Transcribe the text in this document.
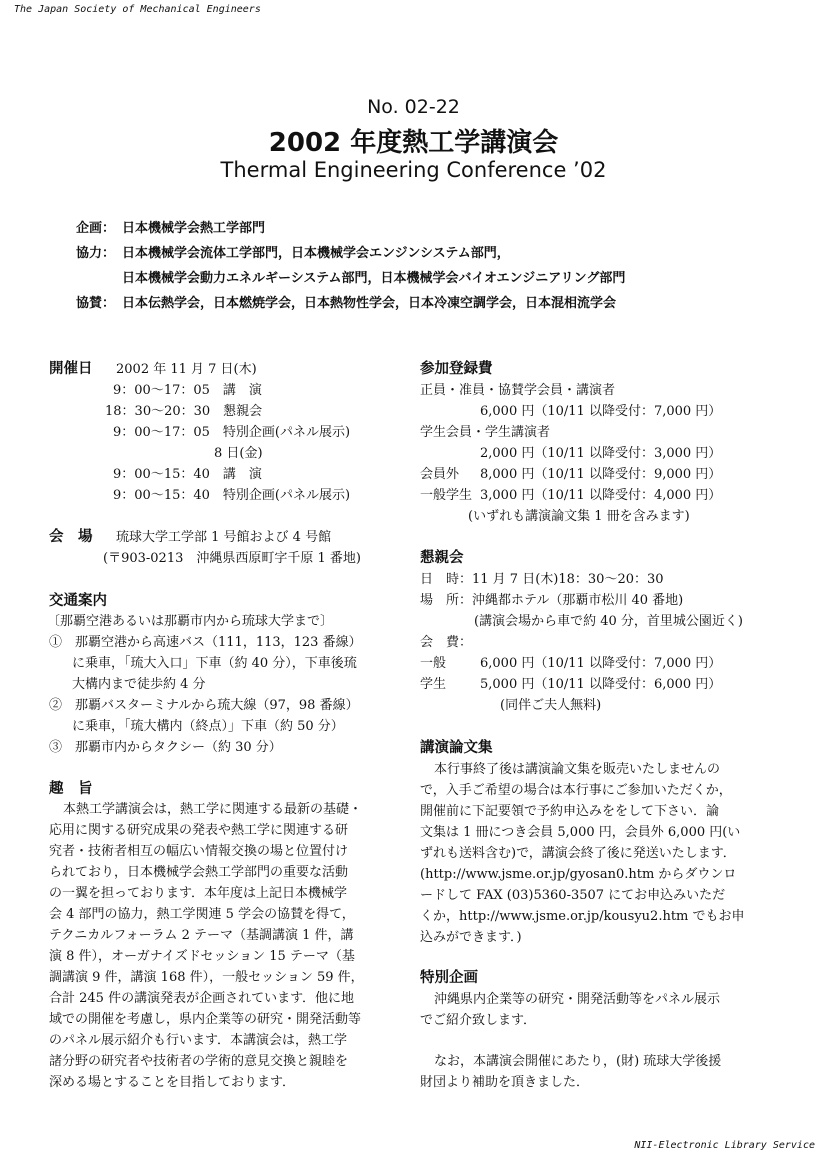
The Japan Society of Mechanical Engineers
NII-Electronic Library Service
No. 02-22
2002 年度熱工学講演会
Thermal Engineering Conference ’02
企画： 日本機械学会熱工学部門
協力： 日本機械学会流体工学部門，日本機械学会エンジンシステム部門，
日本機械学会動力エネルギーシステム部門，日本機械学会バイオエンジニアリング部門
協賛： 日本伝熱学会，日本燃焼学会，日本熱物性学会，日本冷凍空調学会，日本混相流学会
開催日 2002 年 11 月 7 日(木)
9：00～17：05　講　演
18：30～20：30　懇親会
9：00～17：05　特別企画(パネル展示)
8 日(金)
9：00～15：40　講　演
9：00～15：40　特別企画(パネル展示)
会　場 琉球大学工学部 1 号館および 4 号館
(〒903-0213　沖縄県西原町字千原 1 番地)
交通案内
〔那覇空港あるいは那覇市内から琉球大学まで〕
①　那覇空港から高速バス（111，113，123 番線）
に乗車，「琉大入口」下車（約 40 分），下車後琉
大構内まで徒歩約 4 分
②　那覇バスターミナルから琉大線（97，98 番線）
に乗車，「琉大構内（終点）」下車（約 50 分）
③　那覇市内からタクシー（約 30 分）
趣　旨
本熱工学講演会は，熱工学に関連する最新の基礎・
応用に関する研究成果の発表や熱工学に関連する研
究者・技術者相互の幅広い情報交換の場と位置付け
られており，日本機械学会熱工学部門の重要な活動
の一翼を担っております．本年度は上記日本機械学
会 4 部門の協力，熱工学関連 5 学会の協賛を得て，
テクニカルフォーラム 2 テーマ（基調講演 1 件，講
演 8 件），オーガナイズドセッション 15 テーマ（基
調講演 9 件，講演 168 件），一般セッション 59 件，
合計 245 件の講演発表が企画されています．他に地
域での開催を考慮し，県内企業等の研究・開発活動等
のパネル展示紹介も行います．本講演会は，熱工学
諸分野の研究者や技術者の学術的意見交換と親睦を
深める場とすることを目指しております．
参加登録費
正員・准員・協賛学会員・講演者
6,000 円（10/11 以降受付：7,000 円）
学生会員・学生講演者
2,000 円（10/11 以降受付：3,000 円）
会員外 8,000 円（10/11 以降受付：9,000 円）
一般学生 3,000 円（10/11 以降受付：4,000 円）
(いずれも講演論文集 1 冊を含みます)
懇親会
日　時：11 月 7 日(木)18：30～20：30
場　所：沖縄都ホテル（那覇市松川 40 番地)
(講演会場から車で約 40 分，首里城公園近く)
会　費：
一般	6,000 円（10/11 以降受付：7,000 円）
学生	5,000 円（10/11 以降受付：6,000 円）
(同伴ご夫人無料)
講演論文集
本行事終了後は講演論文集を販売いたしませんの
で，入手ご希望の場合は本行事にご参加いただくか，
開催前に下記要領で予約申込みををして下さい．論
文集は 1 冊につき会員 5,000 円，会員外 6,000 円(い
ずれも送料含む)で，講演会終了後に発送いたします．
(http://www.jsme.or.jp/gyosan0.htm からダウンロ
ードして FAX (03)5360-3507 にてお申込みいただ
くか，http://www.jsme.or.jp/kousyu2.htm でもお申
込みができます．)
特別企画
沖縄県内企業等の研究・開発活動等をパネル展示
でご紹介致します．
なお，本講演会開催にあたり，(財) 琉球大学後援
財団より補助を頂きました．
